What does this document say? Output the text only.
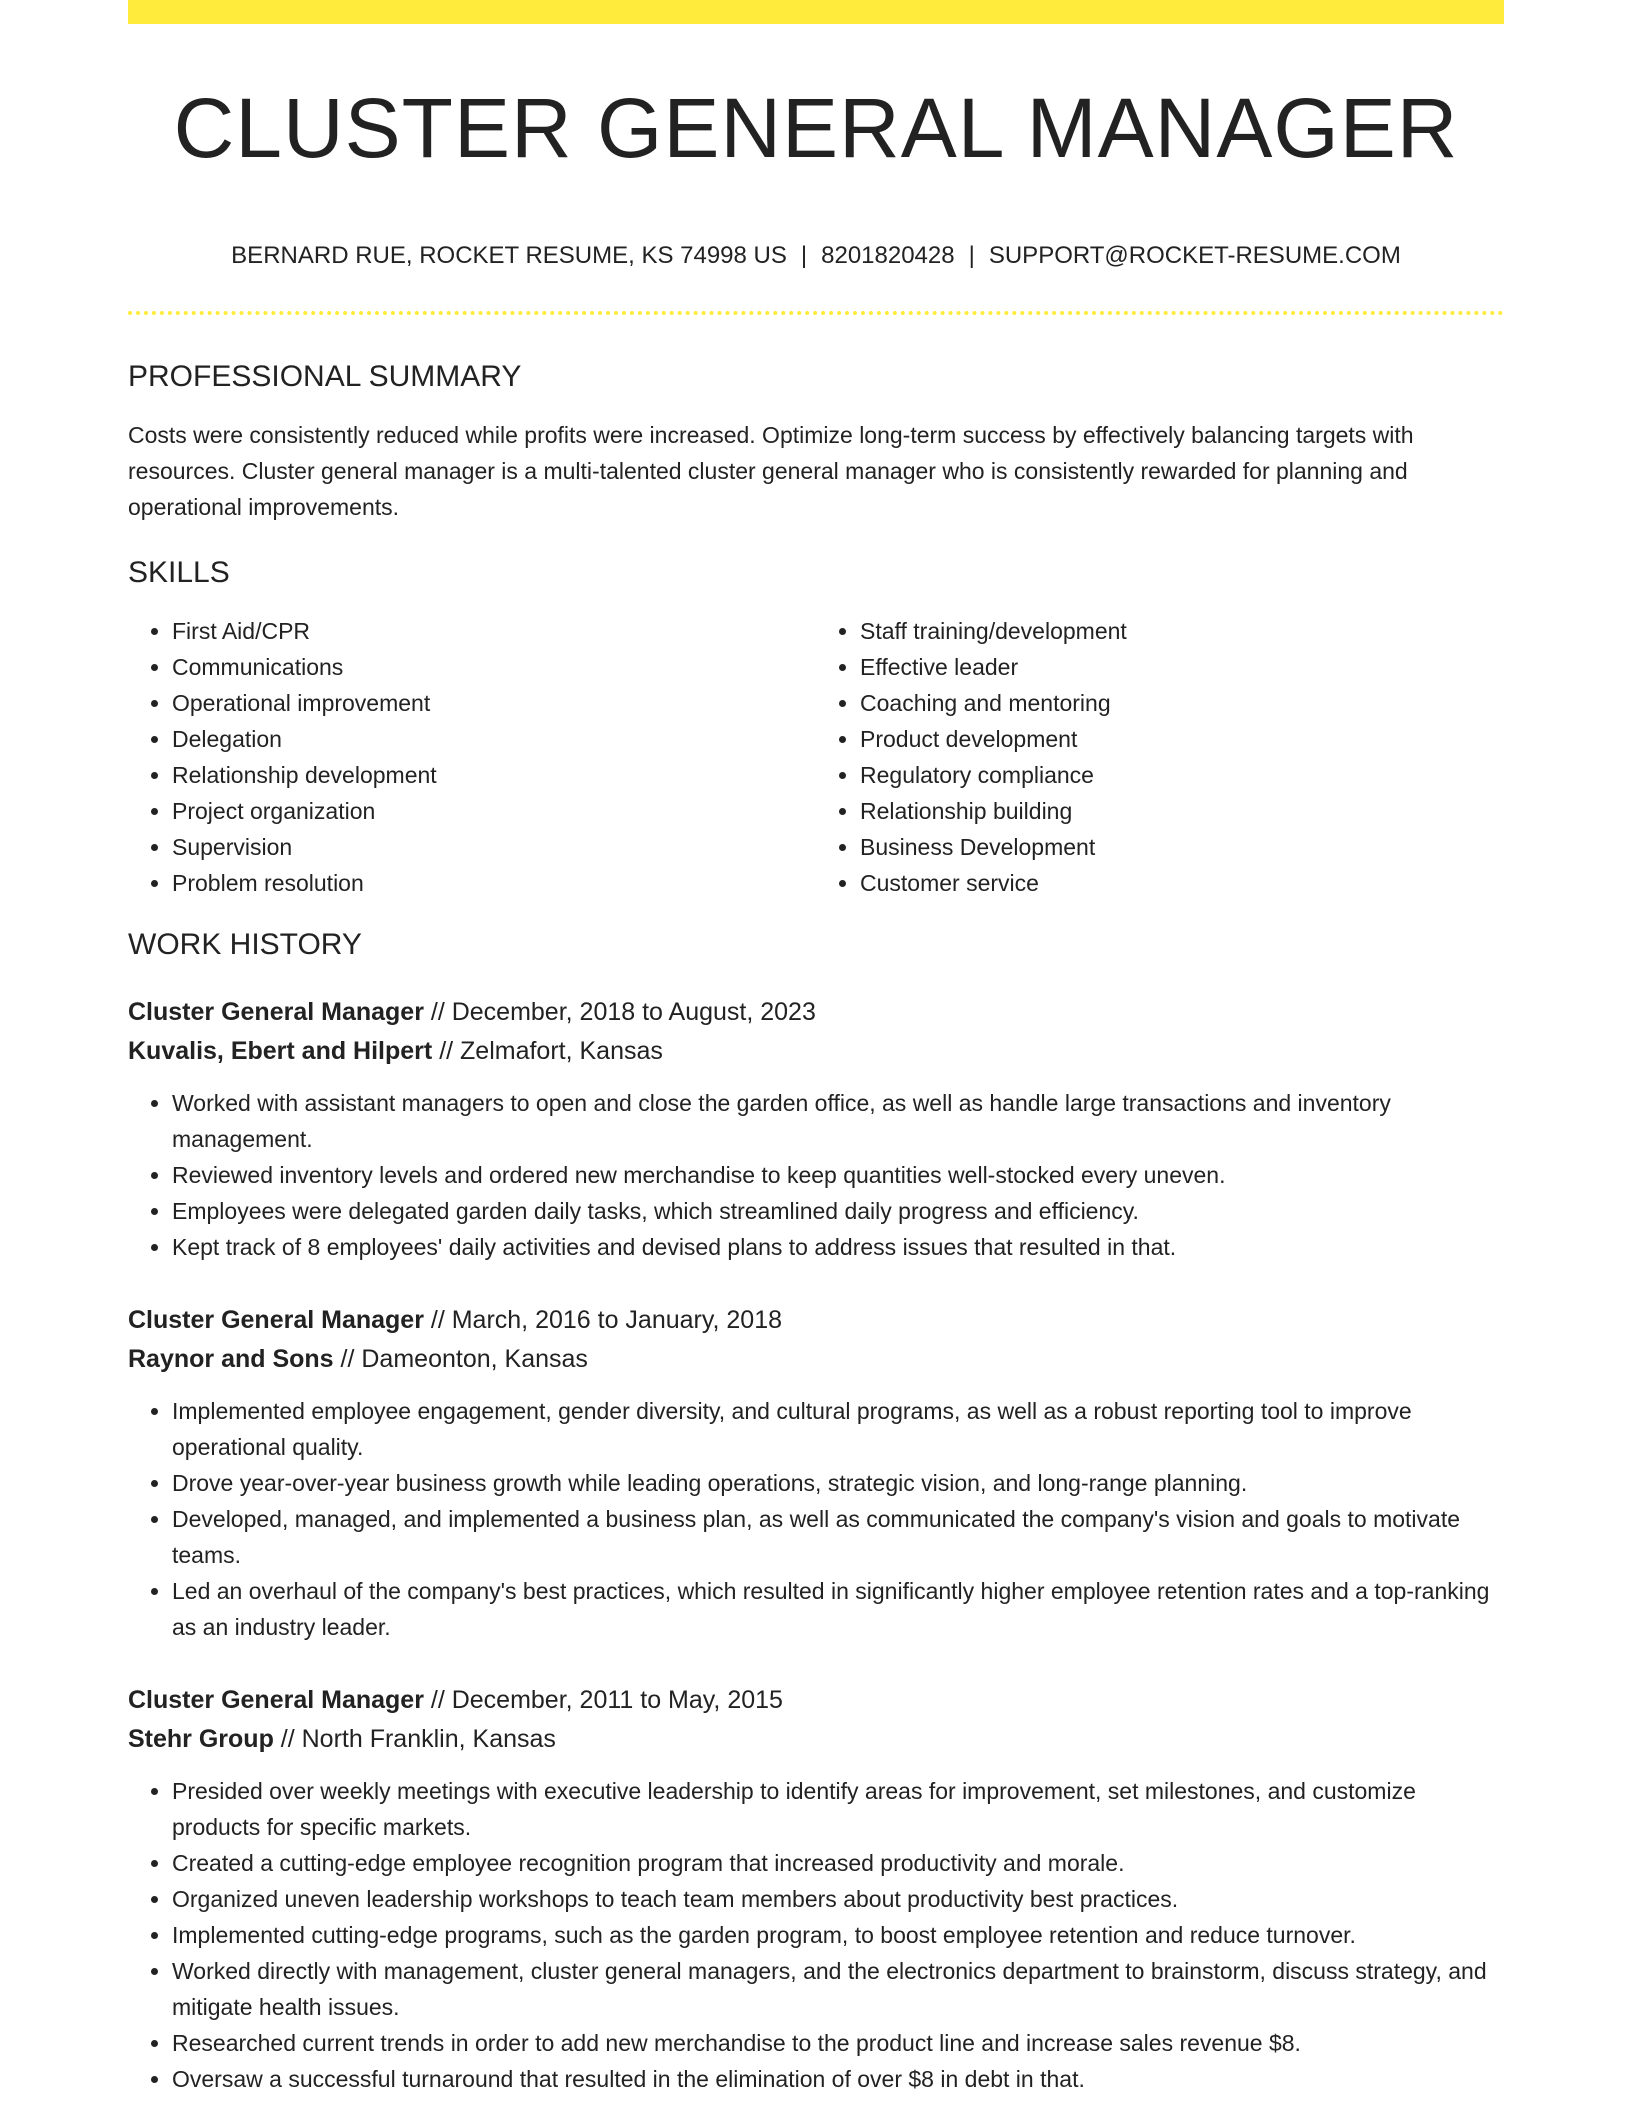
CLUSTER GENERAL MANAGER
BERNARD RUE, ROCKET RESUME, KS 74998 US | 8201820428 | SUPPORT@ROCKET-RESUME.COM
PROFESSIONAL SUMMARY
Costs were consistently reduced while profits were increased. Optimize long-term success by effectively balancing targets with resources. Cluster general manager is a multi-talented cluster general manager who is consistently rewarded for planning and operational improvements.
SKILLS
• First Aid/CPR
• Communications
• Operational improvement
• Delegation
• Relationship development
• Project organization
• Supervision
• Problem resolution
• Staff training/development
• Effective leader
• Coaching and mentoring
• Product development
• Regulatory compliance
• Relationship building
• Business Development
• Customer service
WORK HISTORY
Cluster General Manager // December, 2018 to August, 2023
Kuvalis, Ebert and Hilpert // Zelmafort, Kansas
• Worked with assistant managers to open and close the garden office, as well as handle large transactions and inventory management.
• Reviewed inventory levels and ordered new merchandise to keep quantities well-stocked every uneven.
• Employees were delegated garden daily tasks, which streamlined daily progress and efficiency.
• Kept track of 8 employees' daily activities and devised plans to address issues that resulted in that.
Cluster General Manager // March, 2016 to January, 2018
Raynor and Sons // Dameonton, Kansas
• Implemented employee engagement, gender diversity, and cultural programs, as well as a robust reporting tool to improve operational quality.
• Drove year-over-year business growth while leading operations, strategic vision, and long-range planning.
• Developed, managed, and implemented a business plan, as well as communicated the company's vision and goals to motivate teams.
• Led an overhaul of the company's best practices, which resulted in significantly higher employee retention rates and a top-ranking as an industry leader.
Cluster General Manager // December, 2011 to May, 2015
Stehr Group // North Franklin, Kansas
• Presided over weekly meetings with executive leadership to identify areas for improvement, set milestones, and customize products for specific markets.
• Created a cutting-edge employee recognition program that increased productivity and morale.
• Organized uneven leadership workshops to teach team members about productivity best practices.
• Implemented cutting-edge programs, such as the garden program, to boost employee retention and reduce turnover.
• Worked directly with management, cluster general managers, and the electronics department to brainstorm, discuss strategy, and mitigate health issues.
• Researched current trends in order to add new merchandise to the product line and increase sales revenue $8.
• Oversaw a successful turnaround that resulted in the elimination of over $8 in debt in that.
